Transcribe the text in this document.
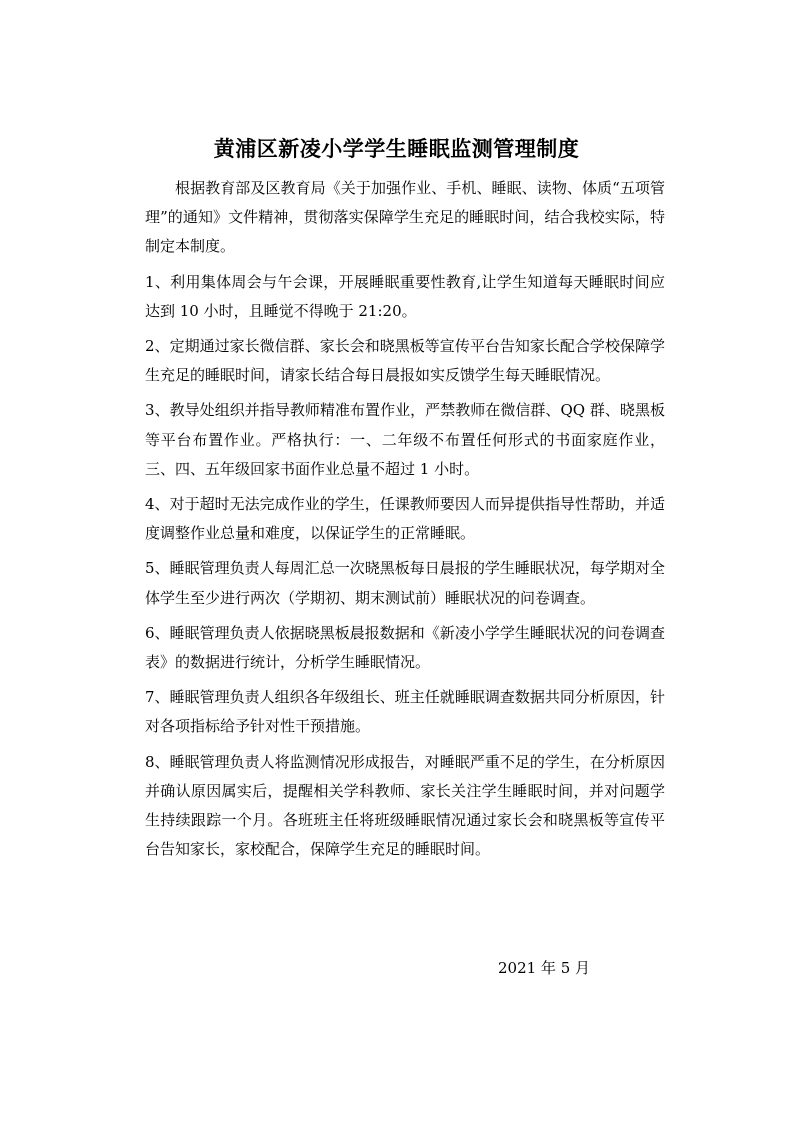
黄浦区新凌小学学生睡眠监测管理制度

根据教育部及区教育局《关于加强作业、手机、睡眠、读物、体质“五项管理”的通知》文件精神，贯彻落实保障学生充足的睡眠时间，结合我校实际，特制定本制度。

1、利用集体周会与午会课，开展睡眠重要性教育,让学生知道每天睡眠时间应达到 10 小时，且睡觉不得晚于 21:20。

2、定期通过家长微信群、家长会和晓黑板等宣传平台告知家长配合学校保障学生充足的睡眠时间，请家长结合每日晨报如实反馈学生每天睡眠情况。

3、教导处组织并指导教师精准布置作业，严禁教师在微信群、QQ 群、晓黑板等平台布置作业。严格执行：一、二年级不布置任何形式的书面家庭作业，三、四、五年级回家书面作业总量不超过 1 小时。

4、对于超时无法完成作业的学生，任课教师要因人而异提供指导性帮助，并适度调整作业总量和难度，以保证学生的正常睡眠。

5、睡眠管理负责人每周汇总一次晓黑板每日晨报的学生睡眠状况，每学期对全体学生至少进行两次（学期初、期末测试前）睡眠状况的问卷调查。

6、睡眠管理负责人依据晓黑板晨报数据和《新凌小学学生睡眠状况的问卷调查表》的数据进行统计，分析学生睡眠情况。

7、睡眠管理负责人组织各年级组长、班主任就睡眠调查数据共同分析原因，针对各项指标给予针对性干预措施。

8、睡眠管理负责人将监测情况形成报告，对睡眠严重不足的学生，在分析原因并确认原因属实后，提醒相关学科教师、家长关注学生睡眠时间，并对问题学生持续跟踪一个月。各班班主任将班级睡眠情况通过家长会和晓黑板等宣传平台告知家长，家校配合，保障学生充足的睡眠时间。

2021 年 5 月
